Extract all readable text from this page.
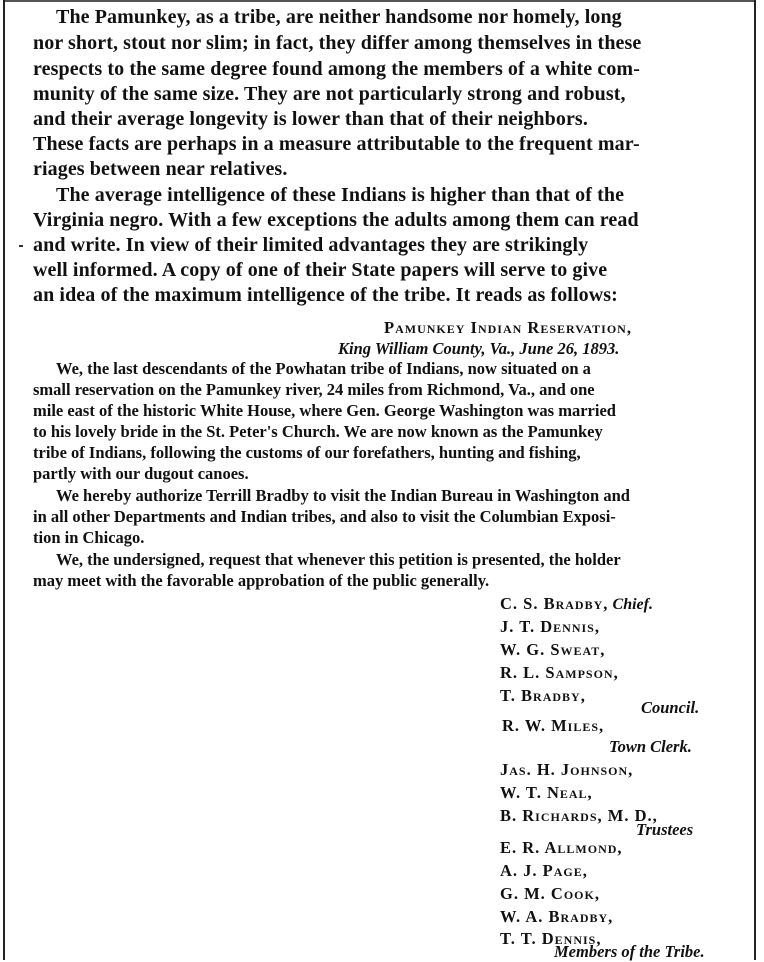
The Pamunkey, as a tribe, are neither handsome nor homely, long
nor short, stout nor slim; in fact, they differ among themselves in these
respects to the same degree found among the members of a white com-
munity of the same size. They are not particularly strong and robust,
and their average longevity is lower than that of their neighbors.
These facts are perhaps in a measure attributable to the frequent mar-
riages between near relatives.
The average intelligence of these Indians is higher than that of the
Virginia negro. With a few exceptions the adults among them can read
and write. In view of their limited advantages they are strikingly
well informed. A copy of one of their State papers will serve to give
an idea of the maximum intelligence of the tribe. It reads as follows:
Pamunkey Indian Reservation,
King William County, Va., June 26, 1893.
We, the last descendants of the Powhatan tribe of Indians, now situated on a
small reservation on the Pamunkey river, 24 miles from Richmond, Va., and one
mile east of the historic White House, where Gen. George Washington was married
to his lovely bride in the St. Peter's Church. We are now known as the Pamunkey
tribe of Indians, following the customs of our forefathers, hunting and fishing,
partly with our dugout canoes.
We hereby authorize Terrill Bradby to visit the Indian Bureau in Washington and
in all other Departments and Indian tribes, and also to visit the Columbian Exposi-
tion in Chicago.
We, the undersigned, request that whenever this petition is presented, the holder
may meet with the favorable approbation of the public generally.
C. S. Bradby, Chief.
J. T. Dennis,
W. G. Sweat,
R. L. Sampson,
T. Bradby,
Council.
R. W. Miles,
Town Clerk.
Jas. H. Johnson,
W. T. Neal,
B. Richards, M. D.,
Trustees
E. R. Allmond,
A. J. Page,
G. M. Cook,
W. A. Bradby,
T. T. Dennis,
Members of the Tribe.
